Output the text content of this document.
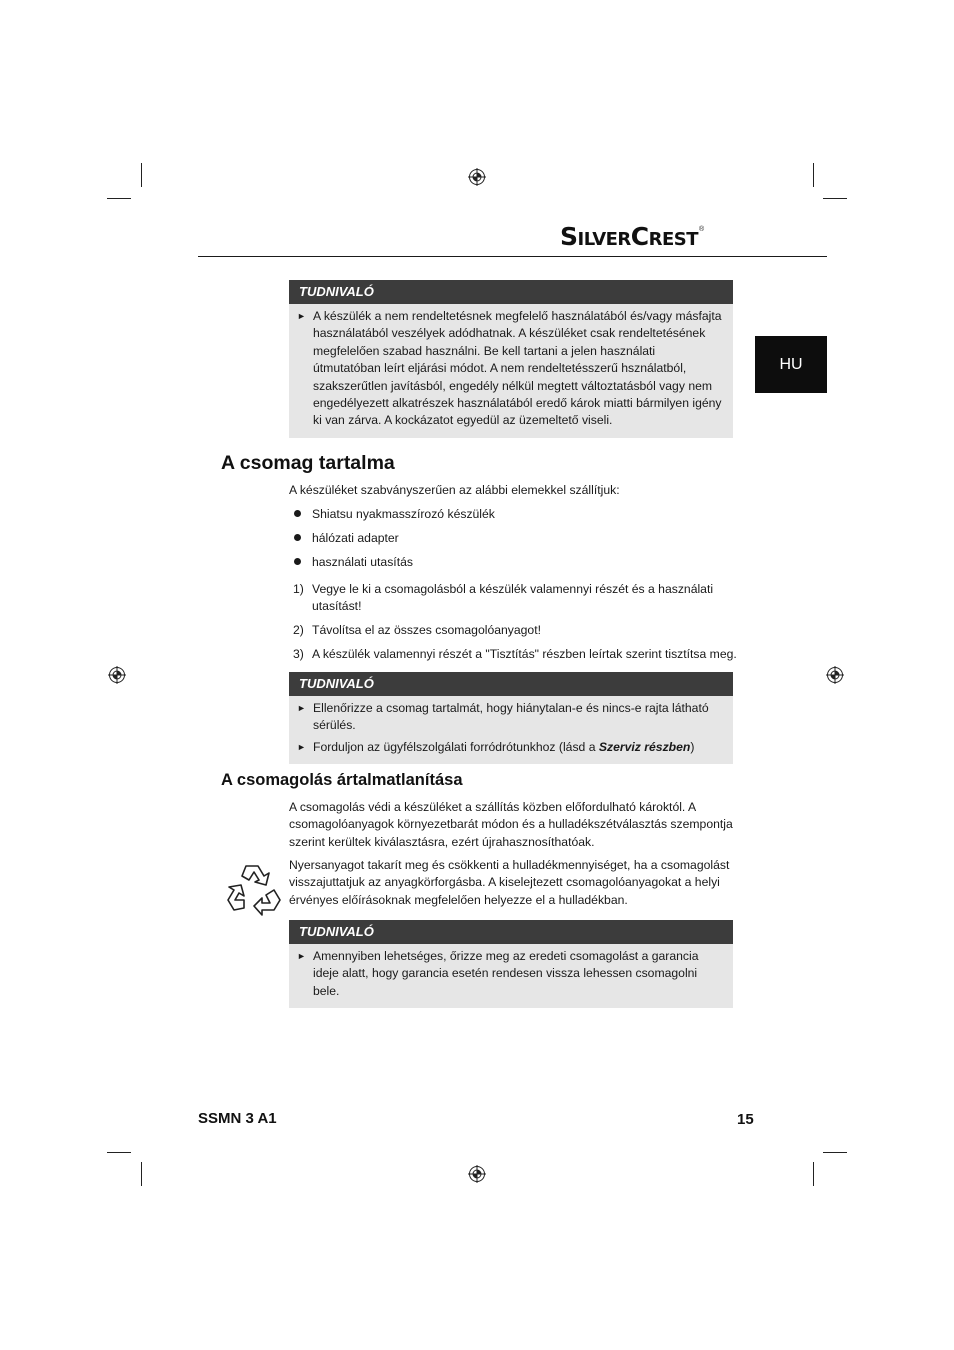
SilverCrest®
HU
TUDNIVALÓ
► A készülék a nem rendeltetésnek megfelelő használatából és/vagy másfajta használatából veszélyek adódhatnak. A készüléket csak rendeltetésének megfelelően szabad használni. Be kell tartani a jelen használati útmutatóban leírt eljárási módot. A nem rendeltetésszerű hsználatból, szakszerűtlen javításból, engedély nélkül megtett változtatásból vagy nem engedélyezett alkatrészek használatából eredő károk miatti bármilyen igény ki van zárva. A kockázatot egyedül az üzemeltető viseli.
A csomag tartalma
A készüléket szabványszerűen az alábbi elemekkel szállítjuk:
Shiatsu nyakmasszírozó készülék
hálózati adapter
használati utasítás
1) Vegye le ki a csomagolásból a készülék valamennyi részét és a használati utasítást!
2) Távolítsa el az összes csomagolóanyagot!
3) A készülék valamennyi részét a "Tisztítás" részben leírtak szerint tisztítsa meg.
TUDNIVALÓ
► Ellenőrizze a csomag tartalmát, hogy hiánytalan-e és nincs-e rajta látható sérülés.
► Forduljon az ügyfélszolgálati forródrótunkhoz (lásd a Szerviz részben)
A csomagolás ártalmatlanítása
A csomagolás védi a készüléket a szállítás közben előfordulható károktól. A csomagolóanyagok környezetbarát módon és a hulladékszétválasztás szempontja szerint kerültek kiválasztásra, ezért újrahasznosíthatóak.
Nyersanyagot takarít meg és csökkenti a hulladékmennyiséget, ha a csomagolást visszajuttatjuk az anyagkörforgásba. A kiselejtezett csomagolóanyagokat a helyi érvényes előírásoknak megfelelően helyezze el a hulladékban.
TUDNIVALÓ
► Amennyiben lehetséges, őrizze meg az eredeti csomagolást a garancia ideje alatt, hogy garancia esetén rendesen vissza lehessen csomagolni bele.
SSMN 3 A1	15
